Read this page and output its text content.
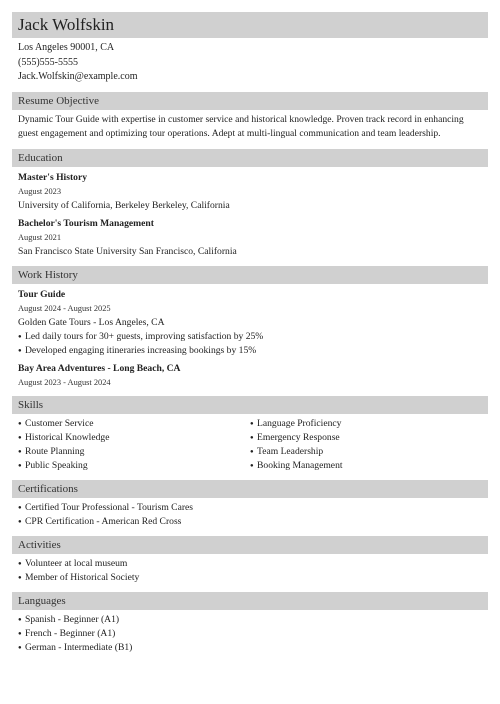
Jack Wolfskin
Los Angeles 90001, CA
(555)555-5555
Jack.Wolfskin@example.com
Resume Objective
Dynamic Tour Guide with expertise in customer service and historical knowledge. Proven track record in enhancing guest engagement and optimizing tour operations. Adept at multi-lingual communication and team leadership.
Education
Master's History
August 2023
University of California, Berkeley Berkeley, California
Bachelor's Tourism Management
August 2021
San Francisco State University San Francisco, California
Work History
Tour Guide
August 2024 - August 2025
Golden Gate Tours - Los Angeles, CA
● Led daily tours for 30+ guests, improving satisfaction by 25%
● Developed engaging itineraries increasing bookings by 15%
Bay Area Adventures - Long Beach, CA
August 2023 - August 2024
Skills
● Customer Service
● Historical Knowledge
● Route Planning
● Public Speaking
● Language Proficiency
● Emergency Response
● Team Leadership
● Booking Management
Certifications
● Certified Tour Professional - Tourism Cares
● CPR Certification - American Red Cross
Activities
● Volunteer at local museum
● Member of Historical Society
Languages
● Spanish - Beginner (A1)
● French - Beginner (A1)
● German - Intermediate (B1)
